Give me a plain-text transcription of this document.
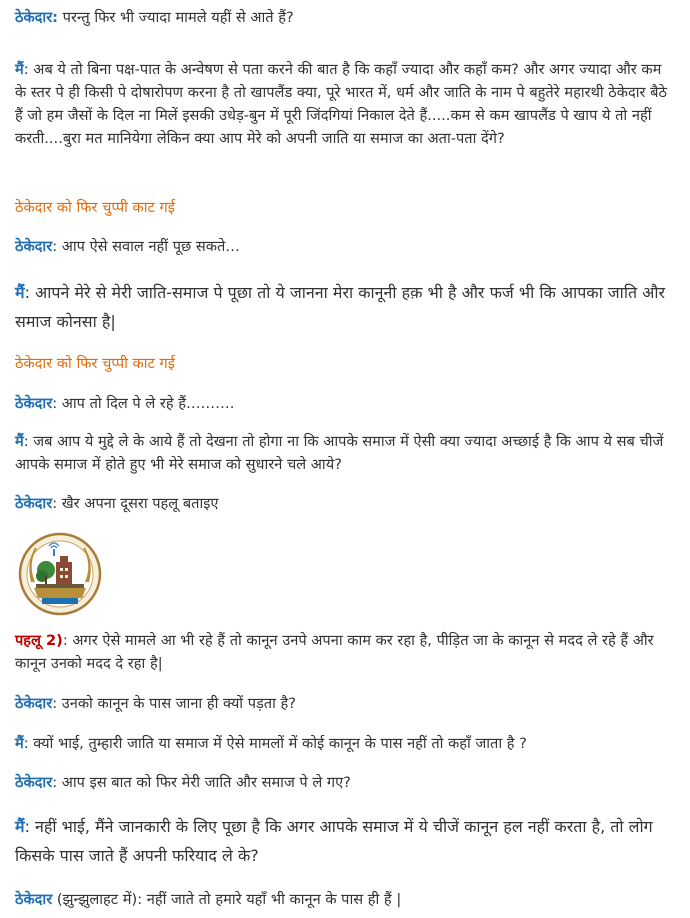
ठेकेदार: परन्तु फिर भी ज्यादा मामले यहीं से आते हैं?

मैं: अब ये तो बिना पक्ष-पात के अन्वेषण से पता करने की बात है कि कहाँ ज्यादा और कहाँ कम? और अगर ज्यादा और कम के स्तर पे ही किसी पे दोषारोपण करना है तो खापलैंड क्या, पूरे भारत में, धर्म और जाति के नाम पे बहुतेरे महारथी ठेकेदार बैठे हैं जो हम जैसों के दिल ना मिलें इसकी उधेड़-बुन में पूरी जिंदगियां निकाल देते हैं.....कम से कम खापलैंड पे खाप ये तो नहीं करती....बुरा मत मानियेगा लेकिन क्या आप मेरे को अपनी जाति या समाज का अता-पता देंगे?

ठेकेदार को फिर चुप्पी काट गई

ठेकेदार: आप ऐसे सवाल नहीं पूछ सकते…

मैं: आपने मेरे से मेरी जाति-समाज पे पूछा तो ये जानना मेरा कानूनी हक़ भी है और फर्ज भी कि आपका जाति और समाज कोनसा है|

ठेकेदार को फिर चुप्पी काट गई

ठेकेदार: आप तो दिल पे ले रहे हैं……….

मैं: जब आप ये मुद्दे ले के आये हैं तो देखना तो होगा ना कि आपके समाज में ऐसी क्या ज्यादा अच्छाई है कि आप ये सब चीजें आपके समाज में होते हुए भी मेरे समाज को सुधारने चले आये?

ठेकेदार: खैर अपना दूसरा पहलू बताइए

पहलू 2): अगर ऐसे मामले आ भी रहे हैं तो कानून उनपे अपना काम कर रहा है, पीड़ित जा के कानून से मदद ले रहे हैं और कानून उनको मदद दे रहा है|

ठेकेदार: उनको कानून के पास जाना ही क्यों पड़ता है?

मैं: क्यों भाई, तुम्हारी जाति या समाज में ऐसे मामलों में कोई कानून के पास नहीं तो कहाँ जाता है ?

ठेकेदार: आप इस बात को फिर मेरी जाति और समाज पे ले गए?

मैं: नहीं भाई, मैंने जानकारी के लिए पूछा है कि अगर आपके समाज में ये चीजें कानून हल नहीं करता है, तो लोग किसके पास जाते हैं अपनी फरियाद ले के?

ठेकेदार (झुन्झुलाहट में): नहीं जाते तो हमारे यहाँ भी कानून के पास ही हैं |
